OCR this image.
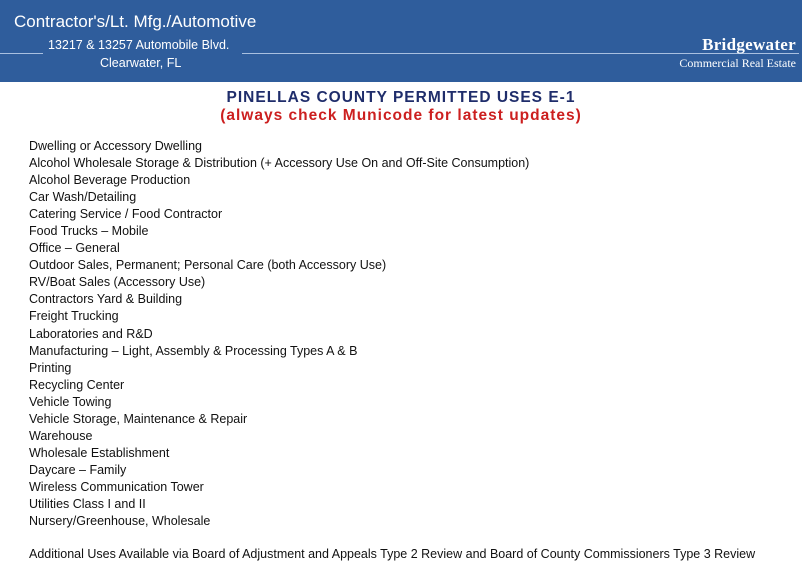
Contractor's/Lt. Mfg./Automotive
13217 & 13257 Automobile Blvd.
Clearwater, FL
Bridgewater
Commercial Real Estate
PINELLAS COUNTY PERMITTED USES E-1
(always check Municode for latest updates)
Dwelling or Accessory Dwelling
Alcohol Wholesale Storage & Distribution (+ Accessory Use On and Off-Site Consumption)
Alcohol Beverage Production
Car Wash/Detailing
Catering Service / Food Contractor
Food Trucks – Mobile
Office – General
Outdoor Sales, Permanent; Personal Care (both Accessory Use)
RV/Boat Sales (Accessory Use)
Contractors Yard & Building
Freight Trucking
Laboratories and R&D
Manufacturing – Light, Assembly & Processing Types A & B
Printing
Recycling Center
Vehicle Towing
Vehicle Storage, Maintenance & Repair
Warehouse
Wholesale Establishment
Daycare – Family
Wireless Communication Tower
Utilities Class I and II
Nursery/Greenhouse, Wholesale
Additional Uses Available via Board of Adjustment and Appeals Type 2 Review and Board of County Commissioners Type 3 Review
